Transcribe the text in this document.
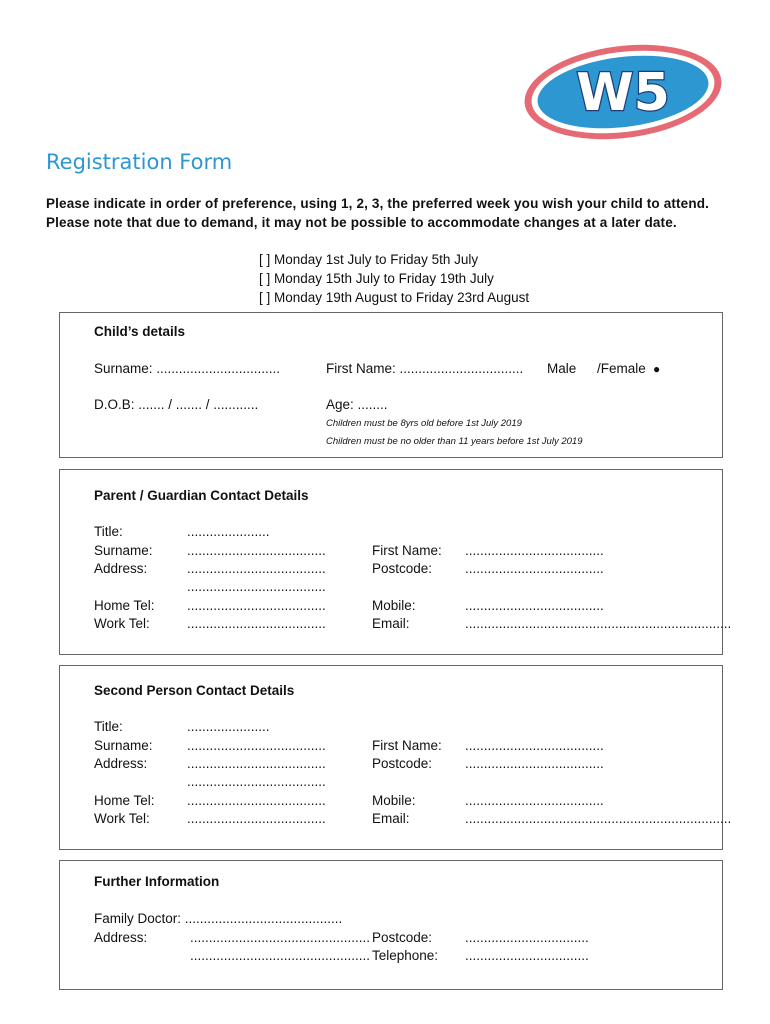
W5
Registration Form
Please indicate in order of preference, using 1, 2, 3, the preferred week you wish your child to attend. Please note that due to demand, it may not be possible to accommodate changes at a later date.
[ ] Monday 1st July to Friday 5th July
[ ] Monday 15th July to Friday 19th July
[ ] Monday 19th August to Friday 23rd August
Child’s details
Surname: .................................	First Name: ................................. Male /Female ●
D.O.B: ....... / ....... / ............	Age: ........
Children must be 8yrs old before 1st July 2019
Children must be no older than 11 years before 1st July 2019
Parent / Guardian Contact Details
Title:	......................
Surname:	.....................................	First Name: .....................................
Address:	.....................................	Postcode: .....................................
.....................................
Home Tel: .....................................	Mobile:	.....................................
Work Tel:	.....................................	Email:	.......................................................................
Second Person Contact Details
Title:	......................
Surname:	.....................................	First Name: .....................................
Address:	.....................................	Postcode: .....................................
.....................................
Home Tel: .....................................	Mobile:	.....................................
Work Tel:	.....................................	Email:	.......................................................................
Further Information
Family Doctor: ..........................................
Address:	................................................ Postcode: .................................
................................................ Telephone: .................................
